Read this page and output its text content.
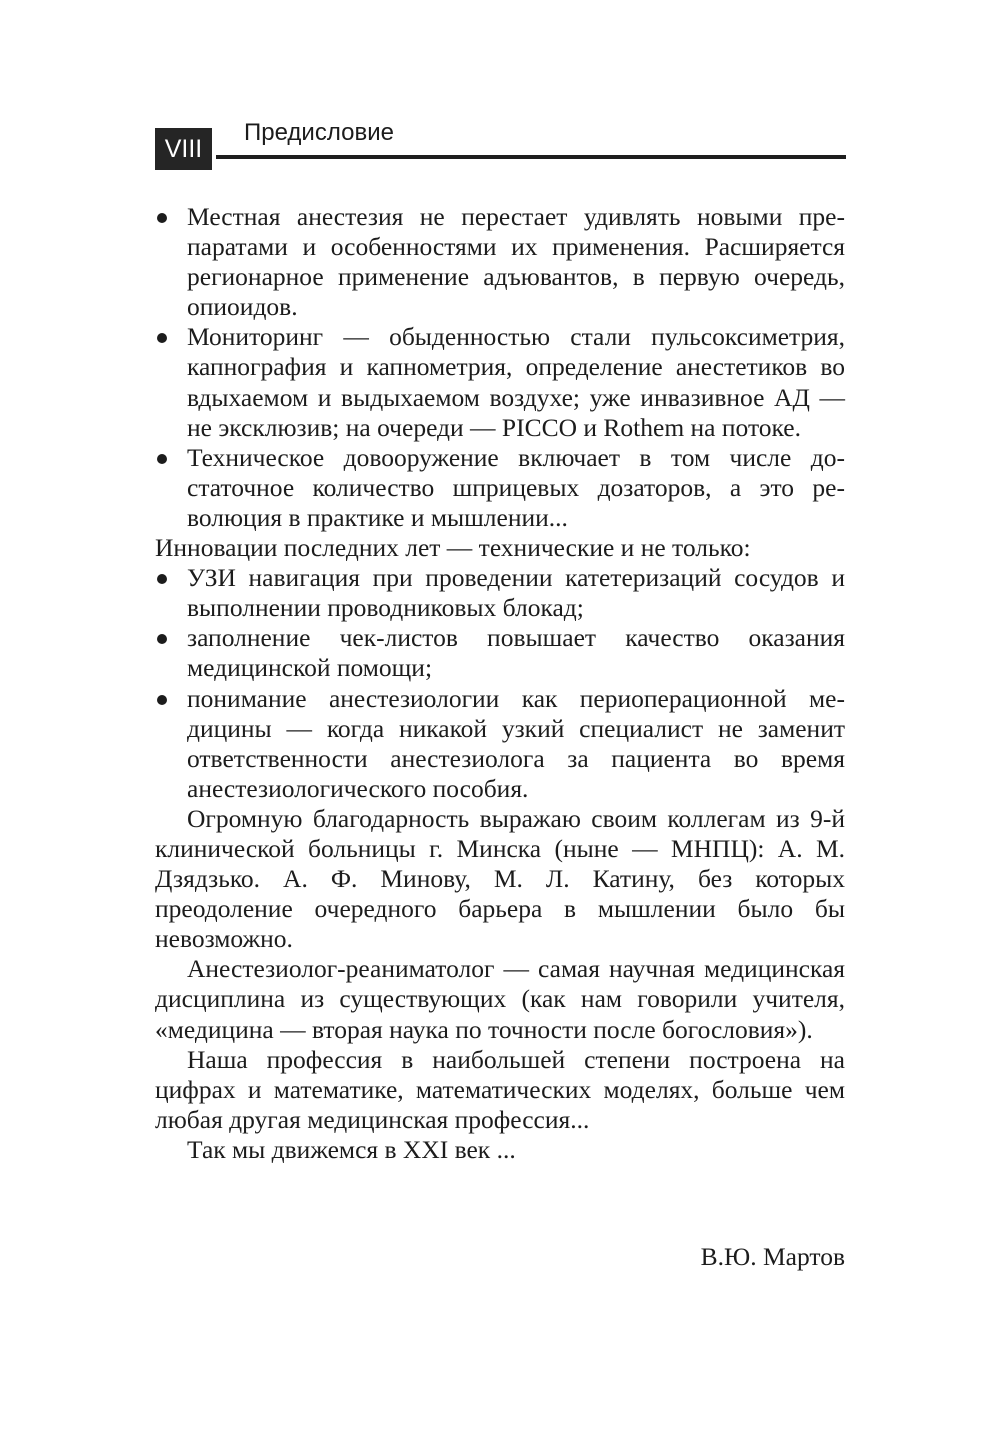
VIII
Предисловие
Местная анестезия не перестает удивлять новыми препаратами и особенностями их применения. Расширяется регионарное применение адъювантов, в первую очередь, опиоидов.
Мониторинг — обыденностью стали пульсоксиметрия, капнография и капнометрия, определение анестетиков во вдыхаемом и выдыхаемом воздухе; уже инвазивное АД — не эксклюзив; на очереди — PICCO и Rothem на потоке.
Техническое довооружение включает в том числе достаточное количество шприцевых дозаторов, а это революция в практике и мышлении...

Инновации последних лет — технические и не только:

УЗИ навигация при проведении катетеризаций сосудов и выполнении проводниковых блокад;
заполнение чек-листов повышает качество оказания медицинской помощи;
понимание анестезиологии как периоперационной медицины — когда никакой узкий специалист не заменит ответственности анестезиолога за пациента во время анестезиологического пособия.

Огромную благодарность выражаю своим коллегам из 9-й клинической больницы г. Минска (ныне — МНПЦ): А. М. Дзядзько. А. Ф. Минову, М. Л. Катину, без которых преодоление очередного барьера в мышлении было бы невозможно.

Анестезиолог-реаниматолог — самая научная медицинская дисциплина из существующих (как нам говорили учителя, «медицина — вторая наука по точности после богословия»).

Наша профессия в наибольшей степени построена на цифрах и математике, математических моделях, больше чем любая другая медицинская профессия...

Так мы движемся в XXI век ...

В.Ю. Мартов
